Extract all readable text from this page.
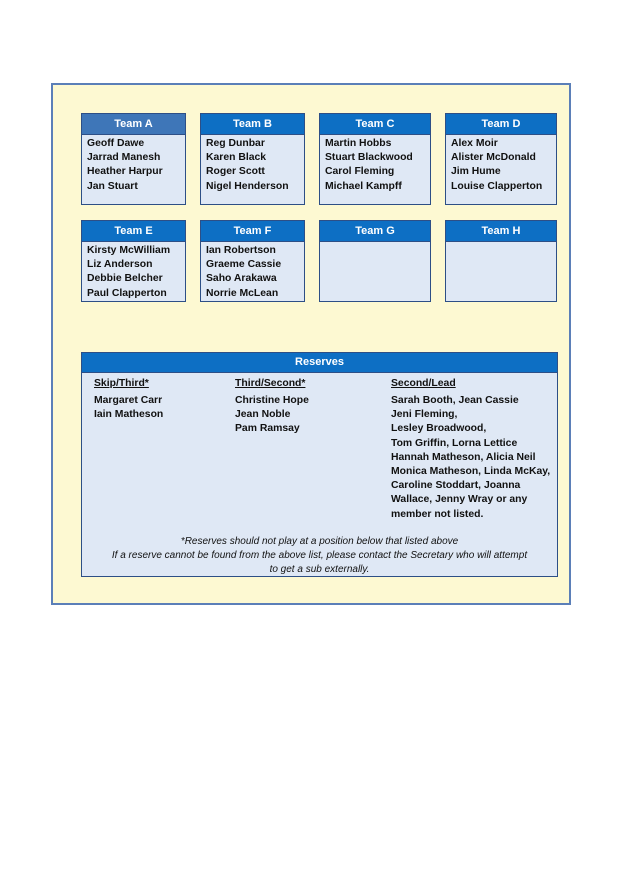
Team A
Geoff Dawe
Jarrad Manesh
Heather Harpur
Jan Stuart
Team B
Reg Dunbar
Karen Black
Roger Scott
Nigel Henderson
Team C
Martin Hobbs
Stuart Blackwood
Carol Fleming
Michael Kampff
Team D
Alex Moir
Alister McDonald
Jim Hume
Louise Clapperton
Team E
Kirsty McWilliam
Liz Anderson
Debbie Belcher
Paul Clapperton
Team F
Ian Robertson
Graeme Cassie
Saho Arakawa
Norrie McLean
Team G	Team H
Reserves
Skip/Third*
Margaret Carr
Iain Matheson
Third/Second*
Christine Hope
Jean Noble
Pam Ramsay
Second/Lead
Sarah Booth, Jean Cassie
Jeni Fleming,
Lesley Broadwood,
Tom Griffin, Lorna Lettice
Hannah Matheson, Alicia Neil
Monica Matheson, Linda McKay,
Caroline Stoddart, Joanna
Wallace, Jenny Wray or any
member not listed.
*Reserves should not play at a position below that listed above
If a reserve cannot be found from the above list, please contact the Secretary who will attempt
to get a sub externally.
